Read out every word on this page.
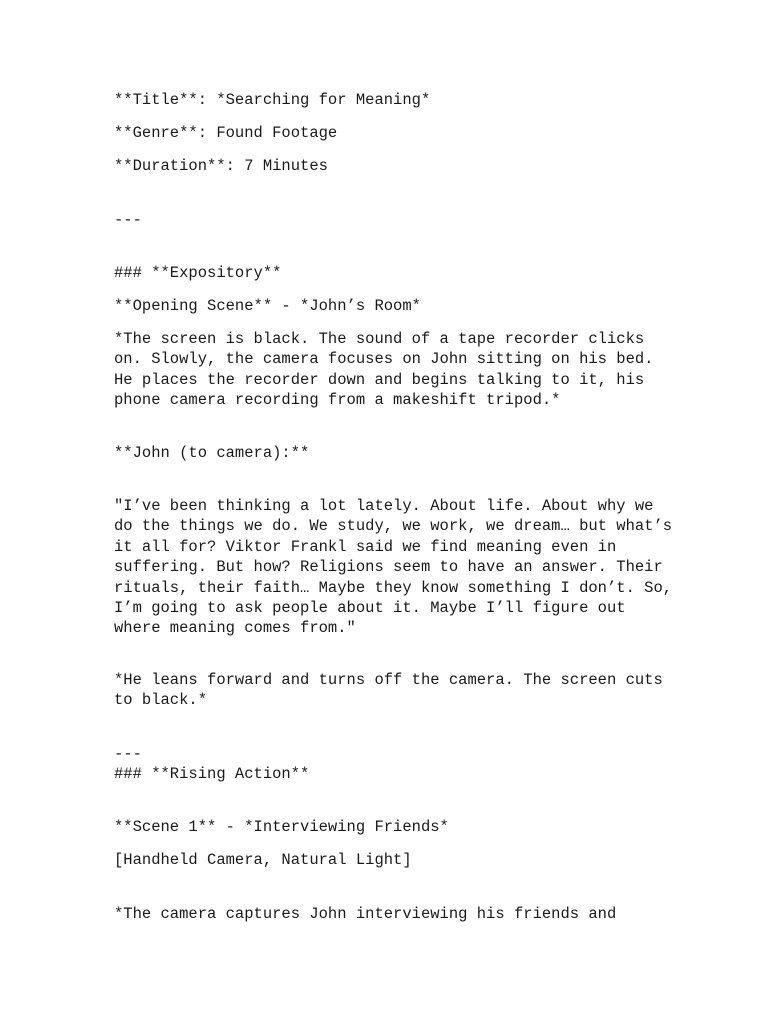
**Title**: *Searching for Meaning*

**Genre**: Found Footage

**Duration**: 7 Minutes

---

### **Expository**

**Opening Scene** - *John’s Room*

*The screen is black. The sound of a tape recorder clicks

on. Slowly, the camera focuses on John sitting on his bed.

He places the recorder down and begins talking to it, his

phone camera recording from a makeshift tripod.*

**John (to camera):**

"I’ve been thinking a lot lately. About life. About why we

do the things we do. We study, we work, we dream… but what’s

it all for? Viktor Frankl said we find meaning even in

suffering. But how? Religions seem to have an answer. Their

rituals, their faith… Maybe they know something I don’t. So,

I’m going to ask people about it. Maybe I’ll figure out

where meaning comes from."

*He leans forward and turns off the camera. The screen cuts

to black.*

---

### **Rising Action**

**Scene 1** - *Interviewing Friends*

[Handheld Camera, Natural Light]

*The camera captures John interviewing his friends and
